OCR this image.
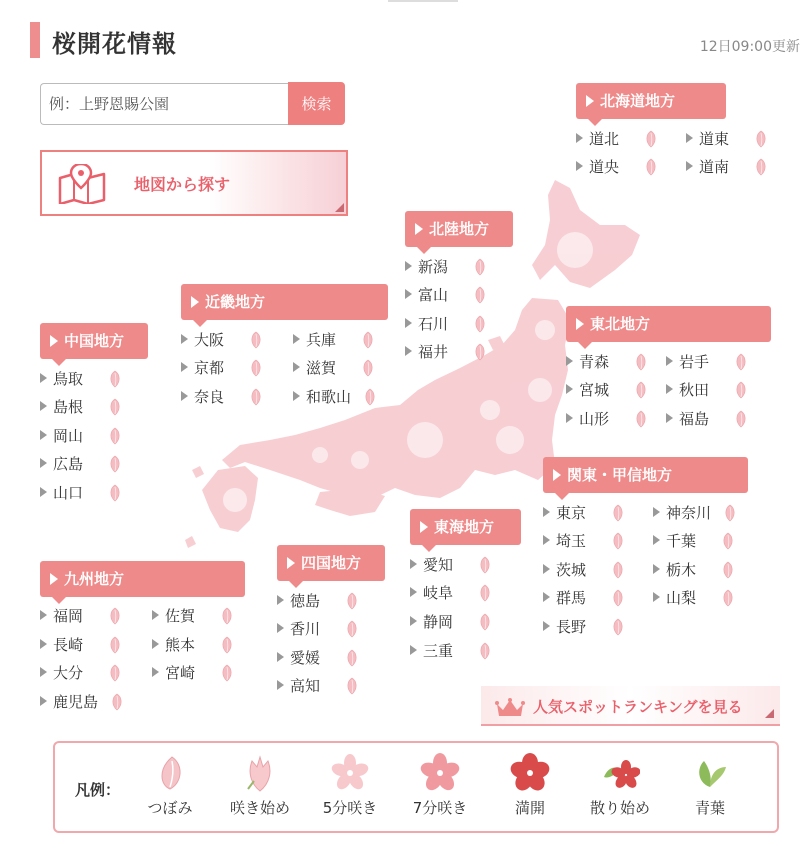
桜開花情報	12日09:00更新
例：上野恩賜公園
検索
地図から探す
北海道地方
道北	道東
道央	道南
北陸地方
新潟
富山
石川
福井
東北地方
青森	岩手
宮城	秋田
山形	福島
近畿地方
大阪	兵庫
京都	滋賀
奈良	和歌山
中国地方
鳥取
島根
岡山
広島
山口
関東・甲信地方
東京	神奈川
埼玉	千葉
茨城	栃木
群馬	山梨
長野
東海地方
愛知
岐阜
静岡
三重
四国地方
徳島
香川
愛媛
高知
九州地方
福岡	佐賀
長崎	熊本
大分	宮崎
鹿児島	人気スポットランキングを見る
凡例：
つぼみ	咲き始め	5分咲き	7分咲き	満開	散り始め	青葉
